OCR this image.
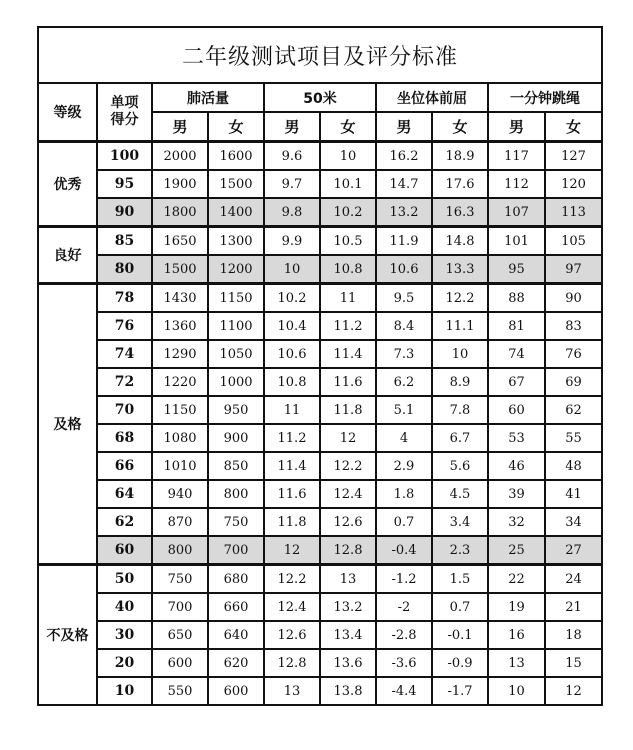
二年级测试项目及评分标准									
等级	单项得分	肺活量		50米		坐位体前屈		一分钟跳绳	
		男	女	男	女	男	女	男	女
优秀	100	2000	1600	9.6	10	16.2	18.9	117	127
	95	1900	1500	9.7	10.1	14.7	17.6	112	120
	90	1800	1400	9.8	10.2	13.2	16.3	107	113
良好	85	1650	1300	9.9	10.5	11.9	14.8	101	105
	80	1500	1200	10	10.8	10.6	13.3	95	97
及格	78	1430	1150	10.2	11	9.5	12.2	88	90
	76	1360	1100	10.4	11.2	8.4	11.1	81	83
	74	1290	1050	10.6	11.4	7.3	10	74	76
	72	1220	1000	10.8	11.6	6.2	8.9	67	69
	70	1150	950	11	11.8	5.1	7.8	60	62
	68	1080	900	11.2	12	4	6.7	53	55
	66	1010	850	11.4	12.2	2.9	5.6	46	48
	64	940	800	11.6	12.4	1.8	4.5	39	41
	62	870	750	11.8	12.6	0.7	3.4	32	34
	60	800	700	12	12.8	-0.4	2.3	25	27
不及格	50	750	680	12.2	13	-1.2	1.5	22	24
	40	700	660	12.4	13.2	-2	0.7	19	21
	30	650	640	12.6	13.4	-2.8	-0.1	16	18
	20	600	620	12.8	13.6	-3.6	-0.9	13	15
	10	550	600	13	13.8	-4.4	-1.7	10	12
